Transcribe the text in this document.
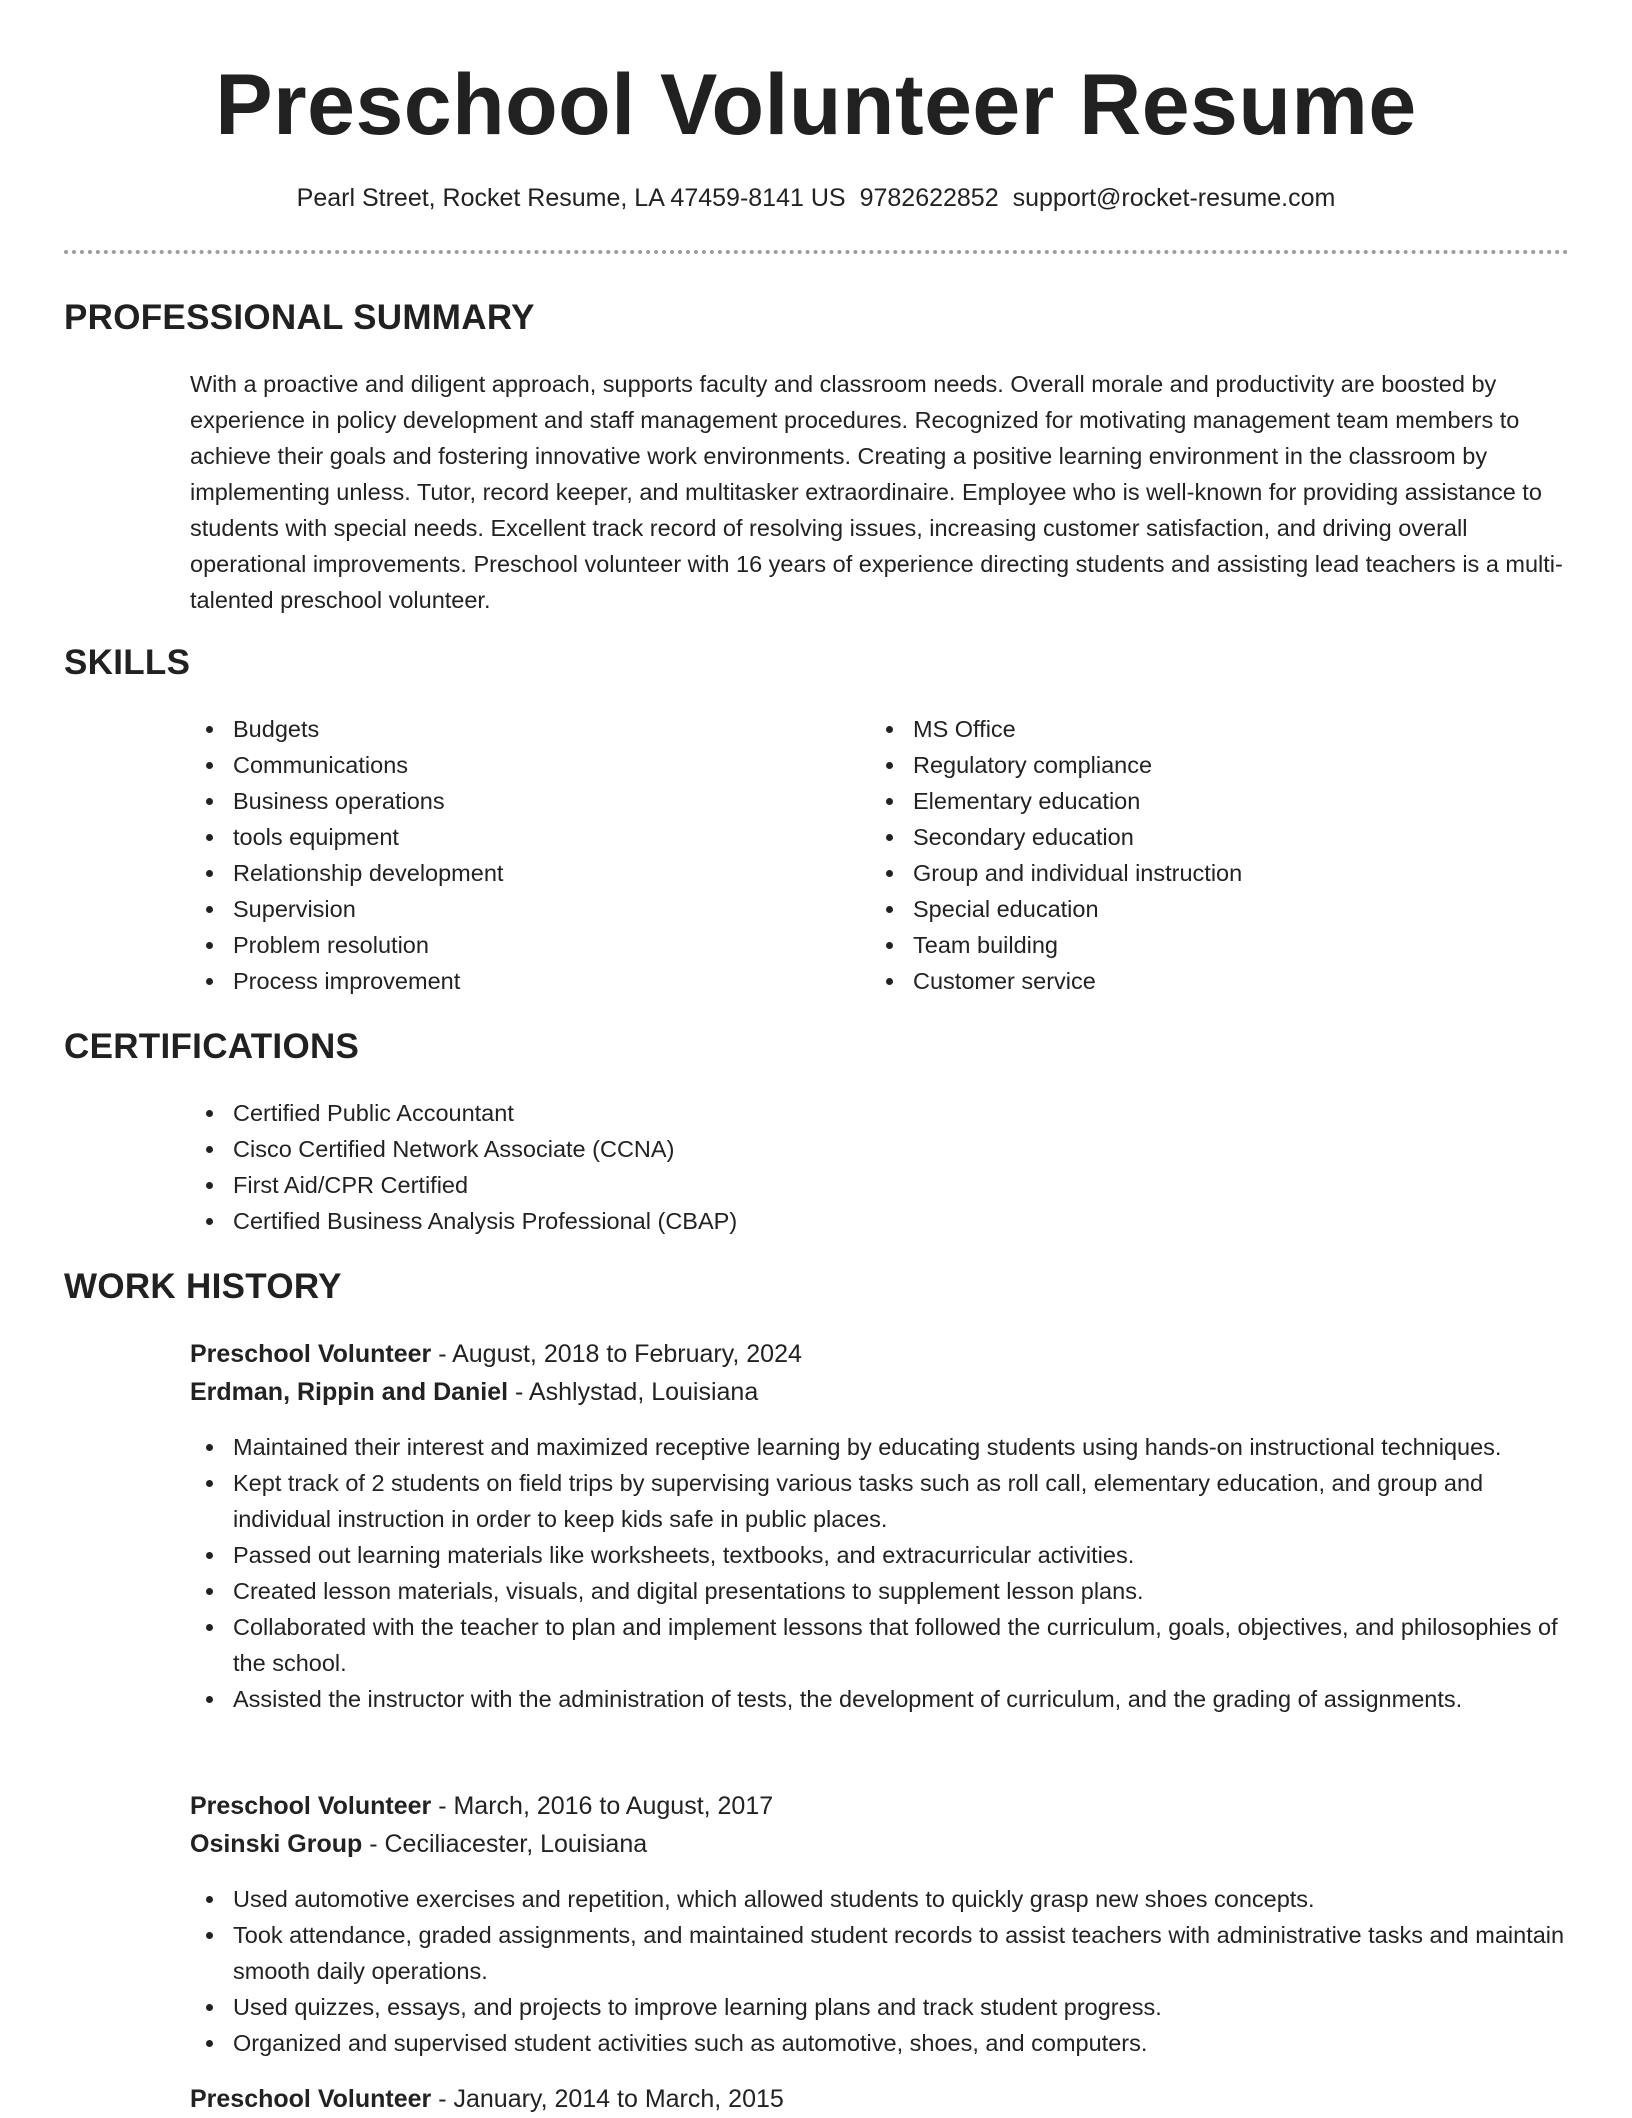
Preschool Volunteer Resume
Pearl Street, Rocket Resume, LA 47459-8141 US 9782622852 support@rocket-resume.com
PROFESSIONAL SUMMARY
With a proactive and diligent approach, supports faculty and classroom needs. Overall morale and productivity are boosted by experience in policy development and staff management procedures. Recognized for motivating management team members to achieve their goals and fostering innovative work environments. Creating a positive learning environment in the classroom by implementing unless. Tutor, record keeper, and multitasker extraordinaire. Employee who is well-known for providing assistance to students with special needs. Excellent track record of resolving issues, increasing customer satisfaction, and driving overall operational improvements. Preschool volunteer with 16 years of experience directing students and assisting lead teachers is a multi-talented preschool volunteer.
SKILLS
Budgets
Communications
Business operations
tools equipment
Relationship development
Supervision
Problem resolution
Process improvement
MS Office
Regulatory compliance
Elementary education
Secondary education
Group and individual instruction
Special education
Team building
Customer service
CERTIFICATIONS
Certified Public Accountant
Cisco Certified Network Associate (CCNA)
First Aid/CPR Certified
Certified Business Analysis Professional (CBAP)
WORK HISTORY
Preschool Volunteer - August, 2018 to February, 2024
Erdman, Rippin and Daniel - Ashlystad, Louisiana
Maintained their interest and maximized receptive learning by educating students using hands-on instructional techniques.
Kept track of 2 students on field trips by supervising various tasks such as roll call, elementary education, and group and individual instruction in order to keep kids safe in public places.
Passed out learning materials like worksheets, textbooks, and extracurricular activities.
Created lesson materials, visuals, and digital presentations to supplement lesson plans.
Collaborated with the teacher to plan and implement lessons that followed the curriculum, goals, objectives, and philosophies of the school.
Assisted the instructor with the administration of tests, the development of curriculum, and the grading of assignments.
Preschool Volunteer - March, 2016 to August, 2017
Osinski Group - Ceciliacester, Louisiana
Used automotive exercises and repetition, which allowed students to quickly grasp new shoes concepts.
Took attendance, graded assignments, and maintained student records to assist teachers with administrative tasks and maintain smooth daily operations.
Used quizzes, essays, and projects to improve learning plans and track student progress.
Organized and supervised student activities such as automotive, shoes, and computers.
Preschool Volunteer - January, 2014 to March, 2015
